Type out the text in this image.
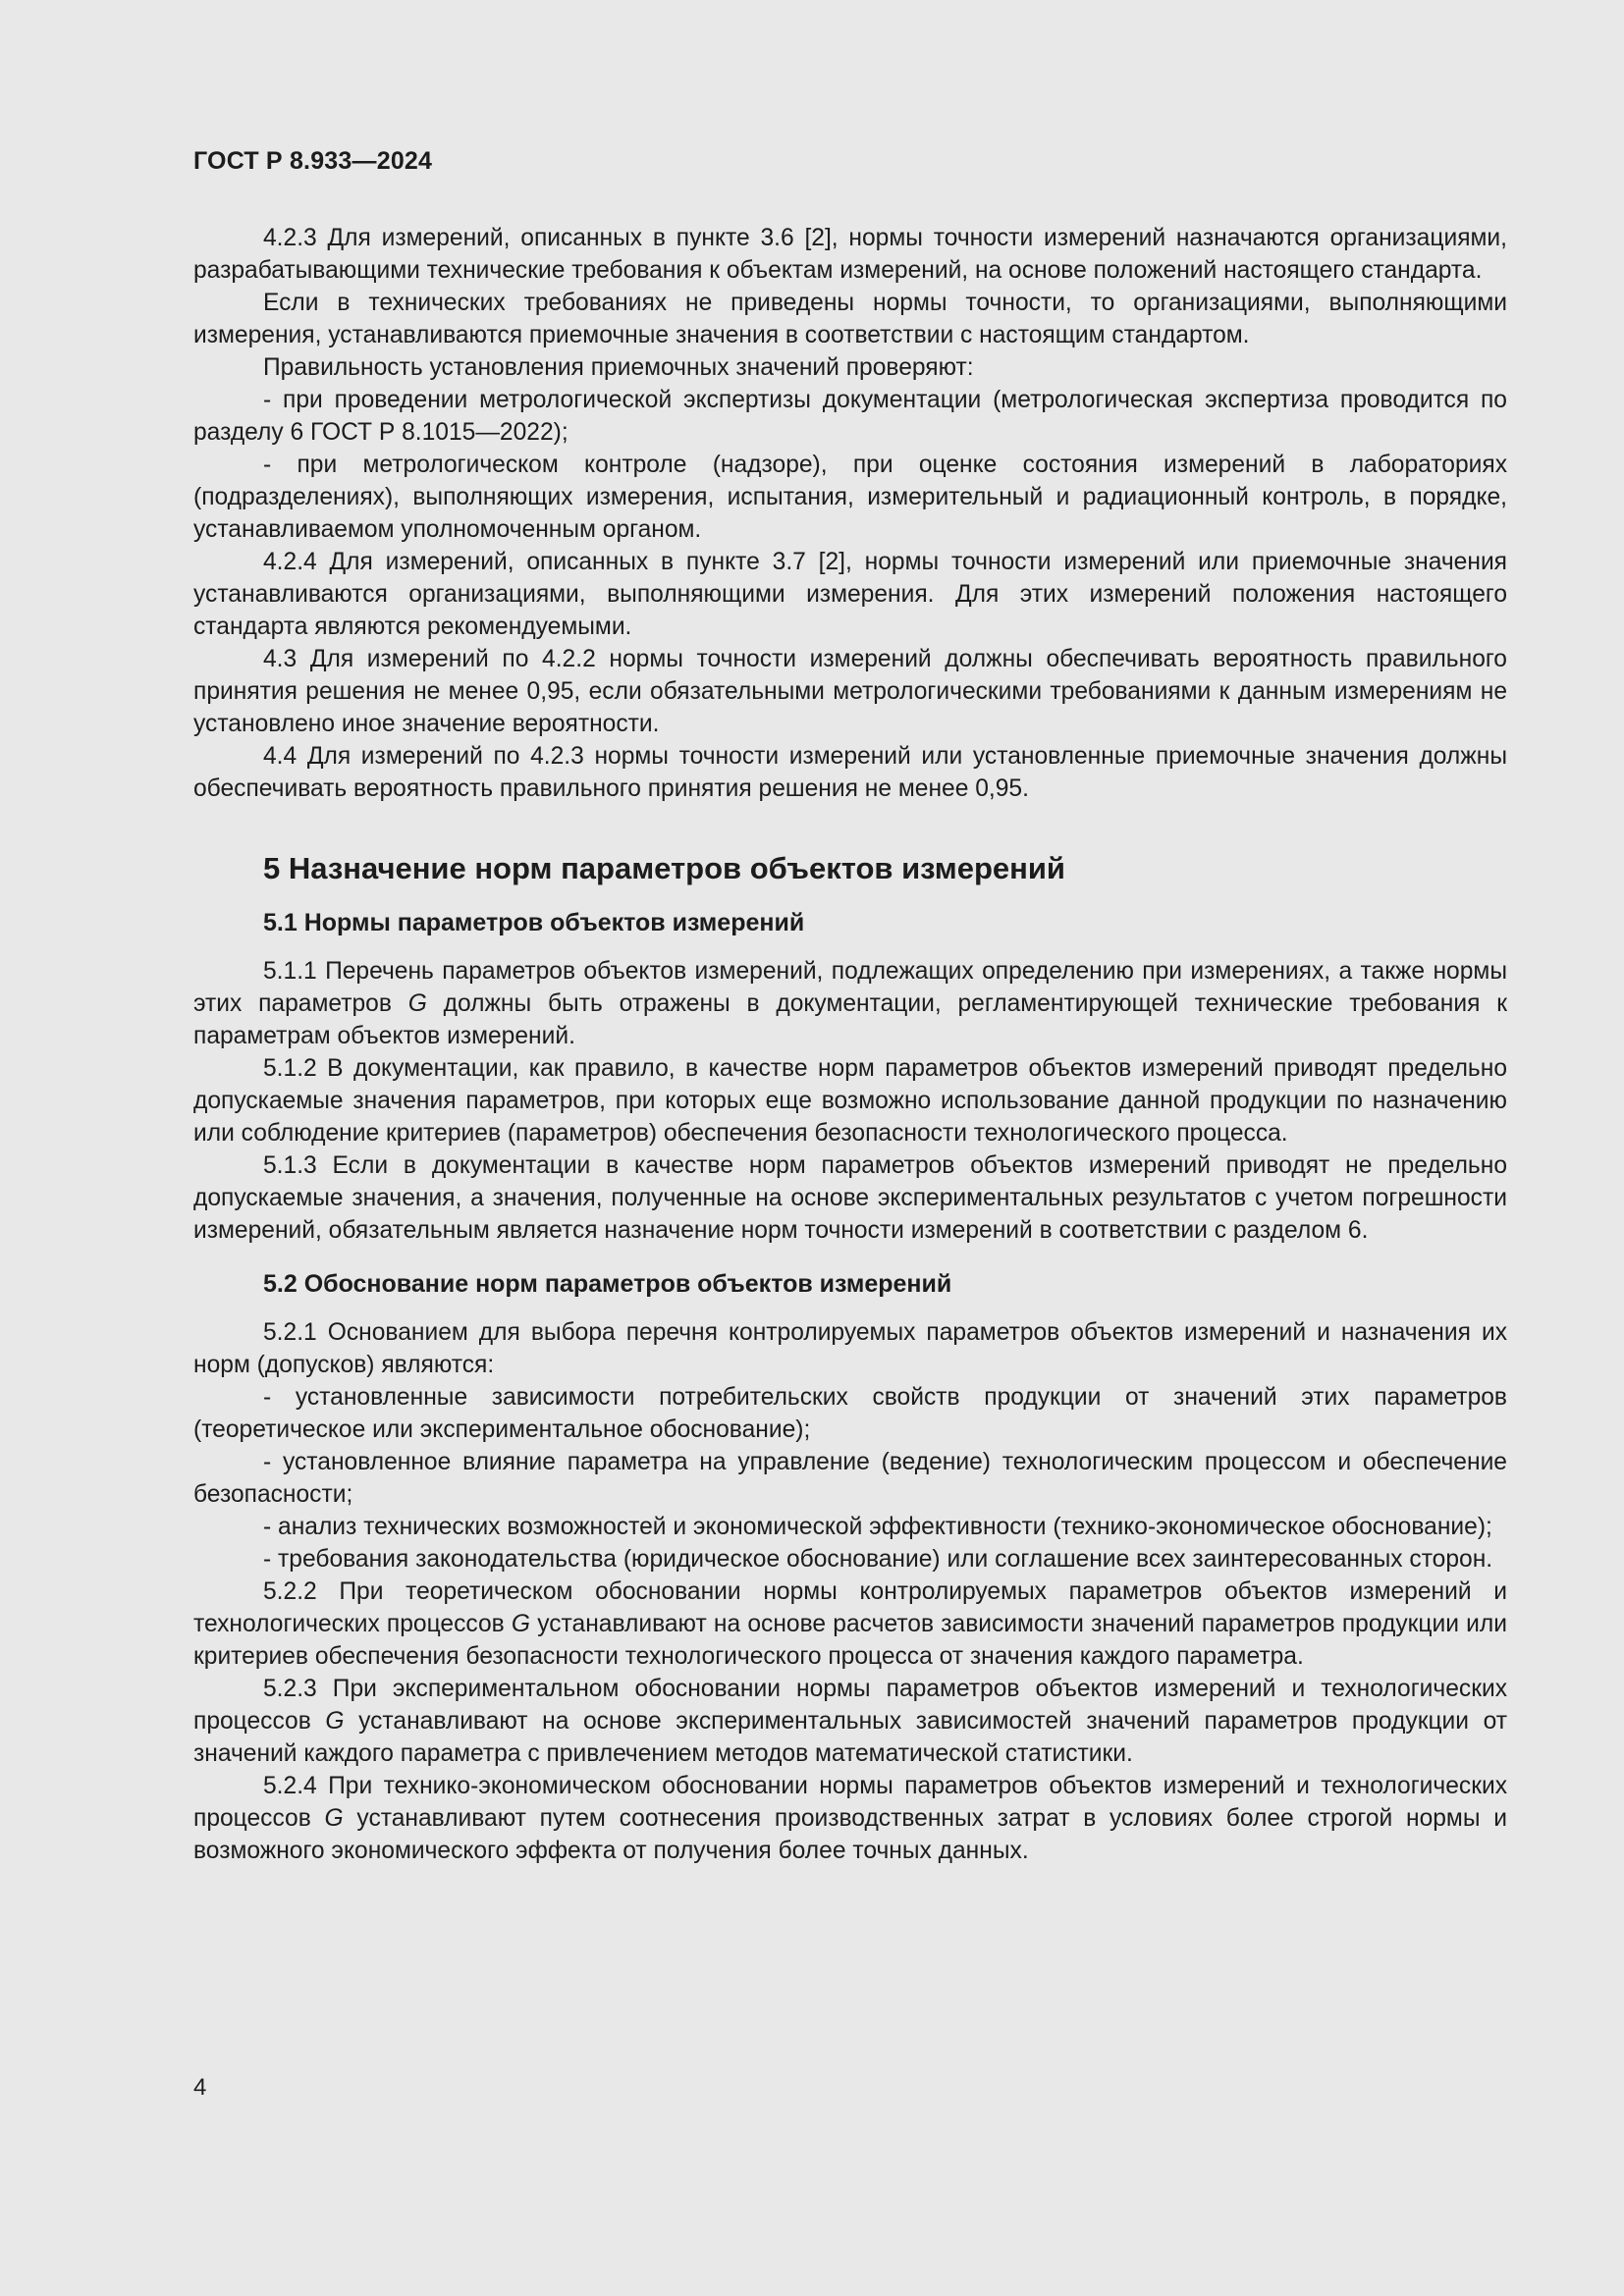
ГОСТ Р 8.933—2024

4.2.3 Для измерений, описанных в пункте 3.6 [2], нормы точности измерений назначаются организациями, разрабатывающими технические требования к объектам измерений, на основе положений настоящего стандарта.

Если в технических требованиях не приведены нормы точности, то организациями, выполняющими измерения, устанавливаются приемочные значения в соответствии с настоящим стандартом.

Правильность установления приемочных значений проверяют:

- при проведении метрологической экспертизы документации (метрологическая экспертиза проводится по разделу 6 ГОСТ Р 8.1015—2022);

- при метрологическом контроле (надзоре), при оценке состояния измерений в лабораториях (подразделениях), выполняющих измерения, испытания, измерительный и радиационный контроль, в порядке, устанавливаемом уполномоченным органом.

4.2.4 Для измерений, описанных в пункте 3.7 [2], нормы точности измерений или приемочные значения устанавливаются организациями, выполняющими измерения. Для этих измерений положения настоящего стандарта являются рекомендуемыми.

4.3 Для измерений по 4.2.2 нормы точности измерений должны обеспечивать вероятность правильного принятия решения не менее 0,95, если обязательными метрологическими требованиями к данным измерениям не установлено иное значение вероятности.

4.4 Для измерений по 4.2.3 нормы точности измерений или установленные приемочные значения должны обеспечивать вероятность правильного принятия решения не менее 0,95.

5 Назначение норм параметров объектов измерений
5.1 Нормы параметров объектов измерений

5.1.1 Перечень параметров объектов измерений, подлежащих определению при измерениях, а также нормы этих параметров G должны быть отражены в документации, регламентирующей технические требования к параметрам объектов измерений.

5.1.2 В документации, как правило, в качестве норм параметров объектов измерений приводят предельно допускаемые значения параметров, при которых еще возможно использование данной продукции по назначению или соблюдение критериев (параметров) обеспечения безопасности технологического процесса.

5.1.3 Если в документации в качестве норм параметров объектов измерений приводят не предельно допускаемые значения, а значения, полученные на основе экспериментальных результатов с учетом погрешности измерений, обязательным является назначение норм точности измерений в соответствии с разделом 6.

5.2 Обоснование норм параметров объектов измерений

5.2.1 Основанием для выбора перечня контролируемых параметров объектов измерений и назначения их норм (допусков) являются:

- установленные зависимости потребительских свойств продукции от значений этих параметров (теоретическое или экспериментальное обоснование);

- установленное влияние параметра на управление (ведение) технологическим процессом и обеспечение безопасности;

- анализ технических возможностей и экономической эффективности (технико-экономическое обоснование);

- требования законодательства (юридическое обоснование) или соглашение всех заинтересованных сторон.

5.2.2 При теоретическом обосновании нормы контролируемых параметров объектов измерений и технологических процессов G устанавливают на основе расчетов зависимости значений параметров продукции или критериев обеспечения безопасности технологического процесса от значения каждого параметра.

5.2.3 При экспериментальном обосновании нормы параметров объектов измерений и технологических процессов G устанавливают на основе экспериментальных зависимостей значений параметров продукции от значений каждого параметра с привлечением методов математической статистики.

5.2.4 При технико-экономическом обосновании нормы параметров объектов измерений и технологических процессов G устанавливают путем соотнесения производственных затрат в условиях более строгой нормы и возможного экономического эффекта от получения более точных данных.

4
